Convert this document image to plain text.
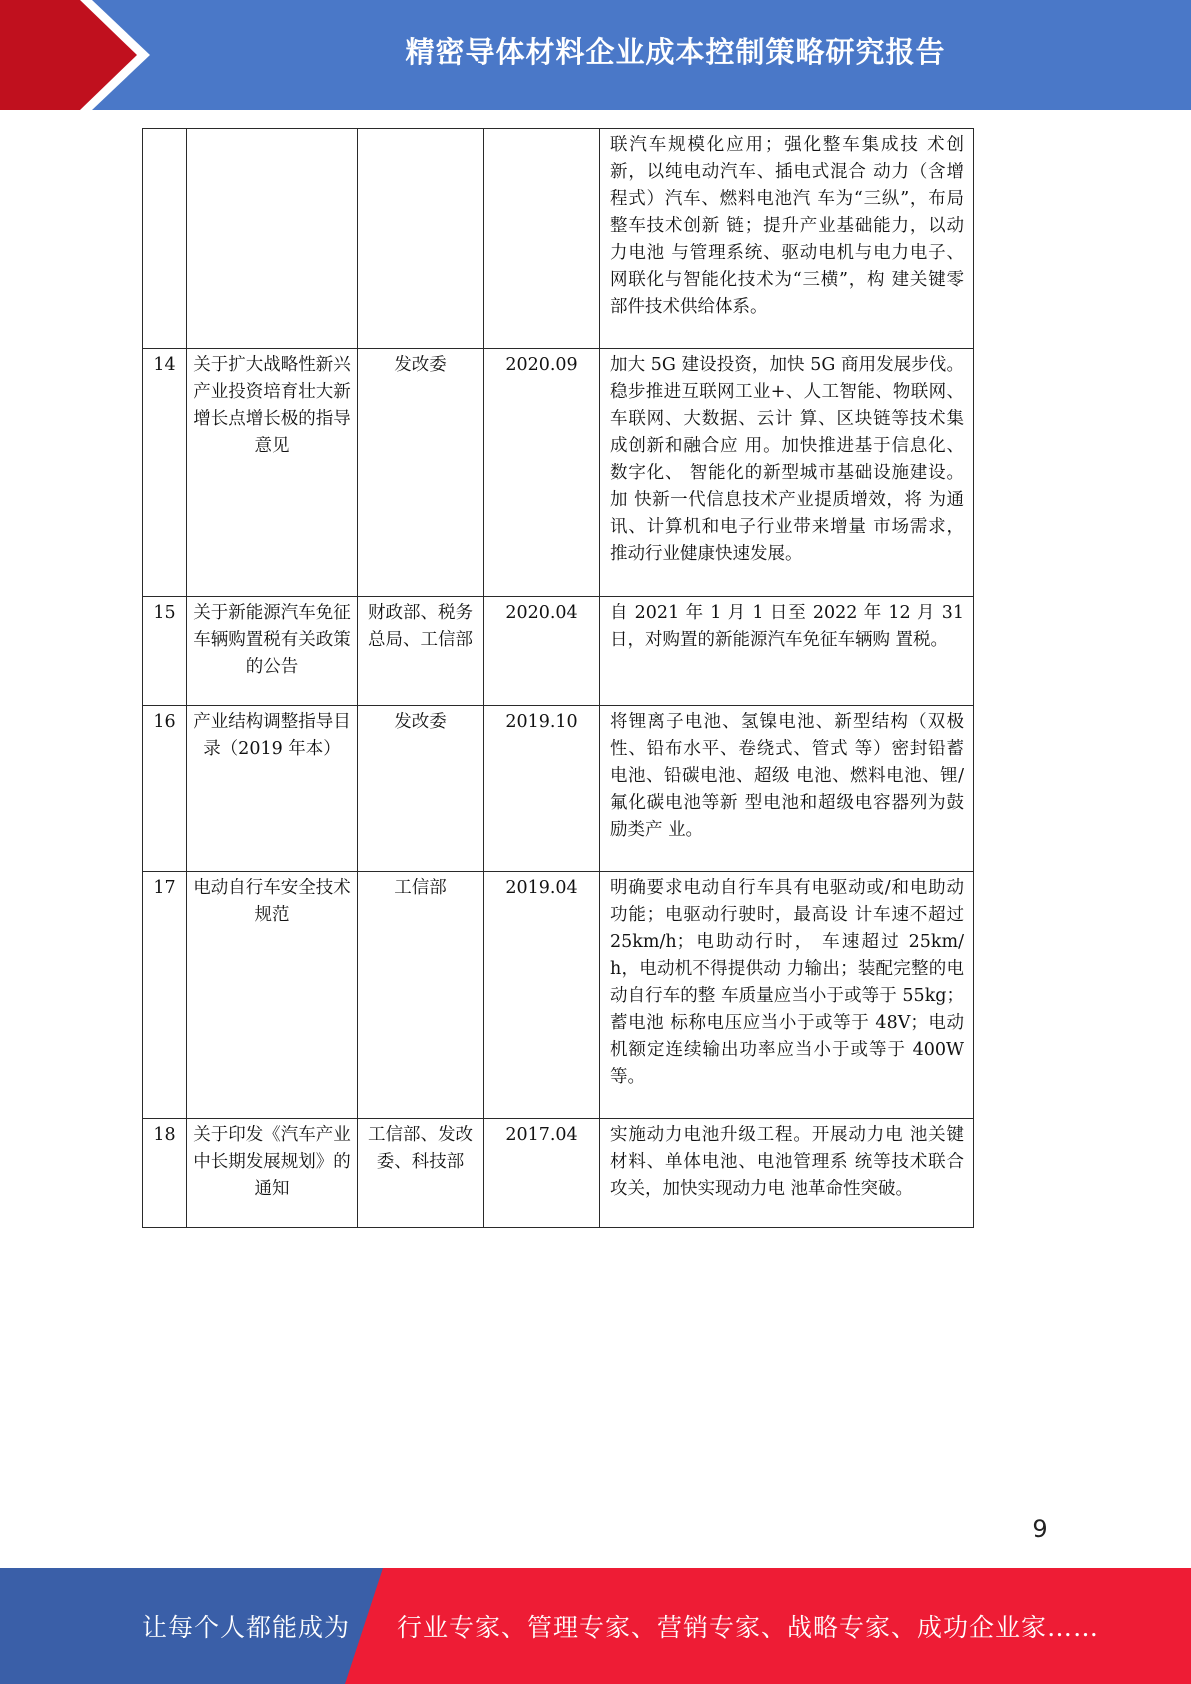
精密导体材料企业成本控制策略研究报告
				联汽车规模化应用；强化整车集成技 术创新，以纯电动汽车、插电式混合 动力（含增程式）汽车、燃料电池汽 车为“三纵”，布局整车技术创新 链；提升产业基础能力，以动力电池 与管理系统、驱动电机与电力电子、 网联化与智能化技术为“三横”，构 建关键零部件技术供给体系。
14	关于扩大战略性新兴产业投资培育壮大新增长点增长极的指导意见	发改委	2020.09	加大 5G 建设投资，加快 5G 商用发展步伐。稳步推进互联网工业+、人工智能、物联网、车联网、大数据、云计 算、区块链等技术集成创新和融合应 用。加快推进基于信息化、数字化、 智能化的新型城市基础设施建设。加 快新一代信息技术产业提质增效，将 为通讯、计算机和电子行业带来增量 市场需求，推动行业健康快速发展。
15	关于新能源汽车免征车辆购置税有关政策的公告	财政部、税务总局、工信部	2020.04	自 2021 年 1 月 1 日至 2022 年 12 月 31 日，对购置的新能源汽车免征车辆购 置税。
16	产业结构调整指导目录（2019 年本）	发改委	2019.10	将锂离子电池、氢镍电池、新型结构（双极性、铅布水平、卷绕式、管式 等）密封铅蓄电池、铅碳电池、超级 电池、燃料电池、锂/氟化碳电池等新 型电池和超级电容器列为鼓励类产 业。
17	电动自行车安全技术规范	工信部	2019.04	明确要求电动自行车具有电驱动或/和电助动功能；电驱动行驶时，最高设 计车速不超过 25km/h；电助动行时， 车速超过 25km/h，电动机不得提供动 力输出；装配完整的电动自行车的整 车质量应当小于或等于 55kg；蓄电池 标称电压应当小于或等于 48V；电动 机额定连续输出功率应当小于或等于 400W 等。
18	关于印发《汽车产业中长期发展规划》的通知	工信部、发改委、科技部	2017.04	实施动力电池升级工程。开展动力电 池关键材料、单体电池、电池管理系 统等技术联合攻关，加快实现动力电 池革命性突破。
9
让每个人都能成为 行业专家、管理专家、营销专家、战略专家、成功企业家……
